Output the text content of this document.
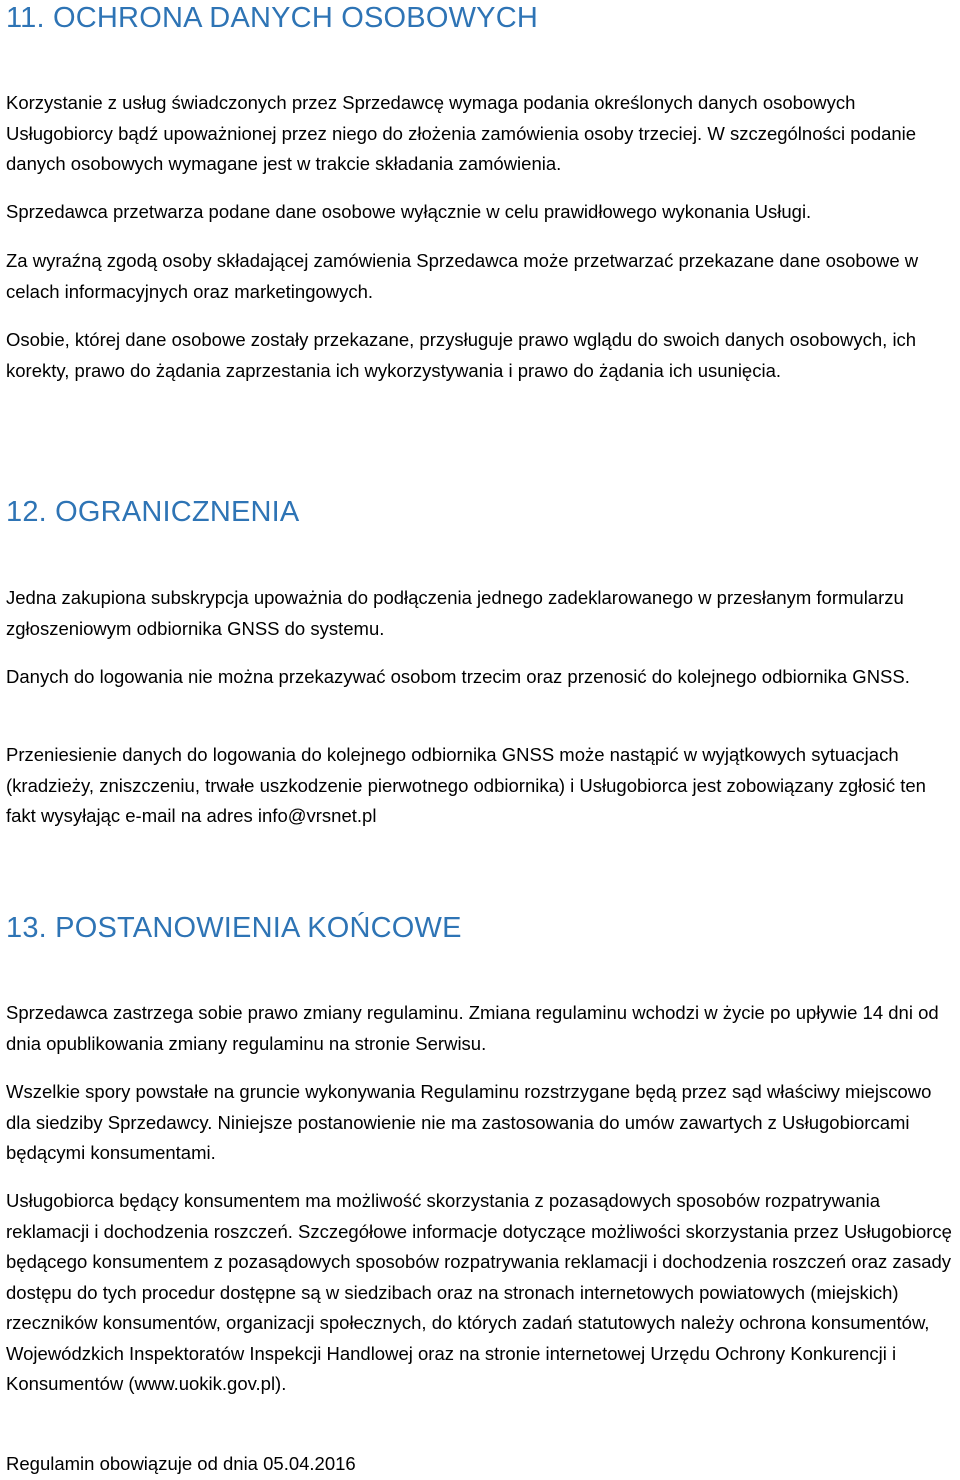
11. OCHRONA DANYCH OSOBOWYCH

Korzystanie z usług świadczonych przez Sprzedawcę wymaga podania określonych danych osobowych Usługobiorcy bądź upoważnionej przez niego do złożenia zamówienia osoby trzeciej. W szczególności podanie danych osobowych wymagane jest w trakcie składania zamówienia.

Sprzedawca przetwarza podane dane osobowe wyłącznie w celu prawidłowego wykonania Usługi.

Za wyraźną zgodą osoby składającej zamówienia Sprzedawca może przetwarzać przekazane dane osobowe w celach informacyjnych oraz marketingowych.

Osobie, której dane osobowe zostały przekazane, przysługuje prawo wglądu do swoich danych osobowych, ich korekty, prawo do żądania zaprzestania ich wykorzystywania i prawo do żądania ich usunięcia.

12. OGRANICZNENIA

Jedna zakupiona subskrypcja upoważnia do podłączenia jednego zadeklarowanego w przesłanym formularzu zgłoszeniowym odbiornika GNSS do systemu.

Danych do logowania nie można przekazywać osobom trzecim oraz przenosić do kolejnego odbiornika GNSS.

Przeniesienie danych do logowania do kolejnego odbiornika GNSS może nastąpić w wyjątkowych sytuacjach (kradzieży, zniszczeniu, trwałe uszkodzenie pierwotnego odbiornika) i Usługobiorca jest zobowiązany zgłosić ten fakt wysyłając e-mail na adres info@vrsnet.pl

13. POSTANOWIENIA KOŃCOWE

Sprzedawca zastrzega sobie prawo zmiany regulaminu. Zmiana regulaminu wchodzi w życie po upływie 14 dni od dnia opublikowania zmiany regulaminu na stronie Serwisu.

Wszelkie spory powstałe na gruncie wykonywania Regulaminu rozstrzygane będą przez sąd właściwy miejscowo dla siedziby Sprzedawcy. Niniejsze postanowienie nie ma zastosowania do umów zawartych z Usługobiorcami będącymi konsumentami.

Usługobiorca będący konsumentem ma możliwość skorzystania z pozasądowych sposobów rozpatrywania reklamacji i dochodzenia roszczeń. Szczegółowe informacje dotyczące możliwości skorzystania przez Usługobiorcę będącego konsumentem z pozasądowych sposobów rozpatrywania reklamacji i dochodzenia roszczeń oraz zasady dostępu do tych procedur dostępne są w siedzibach oraz na stronach internetowych powiatowych (miejskich) rzeczników konsumentów, organizacji społecznych, do których zadań statutowych należy ochrona konsumentów, Wojewódzkich Inspektoratów Inspekcji Handlowej oraz na stronie internetowej Urzędu Ochrony Konkurencji i Konsumentów (www.uokik.gov.pl).

Regulamin obowiązuje od dnia 05.04.2016
